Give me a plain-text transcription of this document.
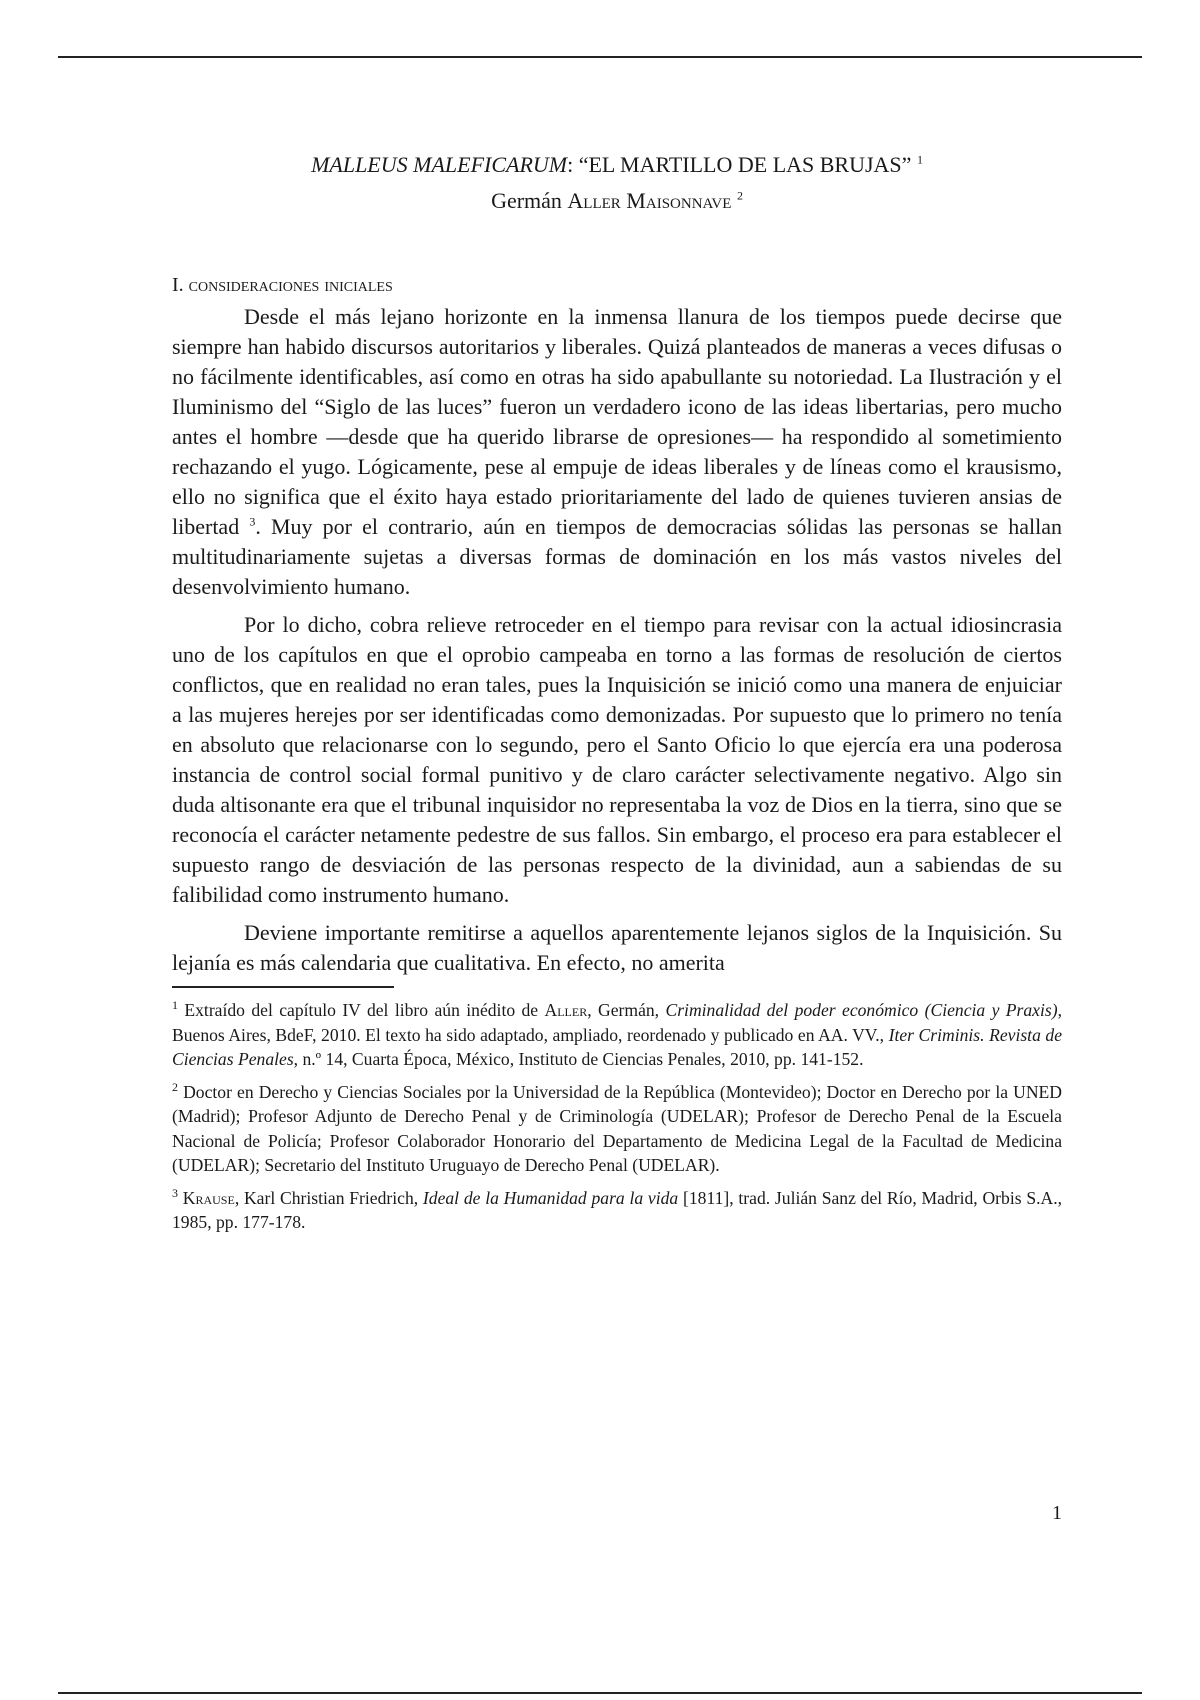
MALLEUS MALEFICARUM: “EL MARTILLO DE LAS BRUJAS” $^1$

Germán Aller Maisonnave $^2$

I. consideraciones iniciales

Desde el más lejano horizonte en la inmensa llanura de los tiempos puede decirse que siempre han habido discursos autoritarios y liberales. Quizá planteados de maneras a veces difusas o no fácilmente identificables, así como en otras ha sido apabullante su notoriedad. La Ilustración y el Iluminismo del “Siglo de las luces” fueron un verdadero icono de las ideas libertarias, pero mucho antes el hombre —desde que ha querido librarse de opresiones— ha respondido al sometimiento rechazando el yugo. Lógicamente, pese al empuje de ideas liberales y de líneas como el krausismo, ello no significa que el éxito haya estado prioritariamente del lado de quienes tuvieren ansias de libertad $^3$. Muy por el contrario, aún en tiempos de democracias sólidas las personas se hallan multitudinariamente sujetas a diversas formas de dominación en los más vastos niveles del desenvolvimiento humano.

Por lo dicho, cobra relieve retroceder en el tiempo para revisar con la actual idiosincrasia uno de los capítulos en que el oprobio campeaba en torno a las formas de resolución de ciertos conflictos, que en realidad no eran tales, pues la Inquisición se inició como una manera de enjuiciar a las mujeres herejes por ser identificadas como demonizadas. Por supuesto que lo primero no tenía en absoluto que relacionarse con lo segundo, pero el Santo Oficio lo que ejercía era una poderosa instancia de control social formal punitivo y de claro carácter selectivamente negativo. Algo sin duda altisonante era que el tribunal inquisidor no representaba la voz de Dios en la tierra, sino que se reconocía el carácter netamente pedestre de sus fallos. Sin embargo, el proceso era para establecer el supuesto rango de desviación de las personas respecto de la divinidad, aun a sabiendas de su falibilidad como instrumento humano.

Deviene importante remitirse a aquellos aparentemente lejanos siglos de la Inquisición. Su lejanía es más calendaria que cualitativa. En efecto, no amerita

$^1$ Extraído del capítulo IV del libro aún inédito de Aller, Germán, Criminalidad del poder económico (Ciencia y Praxis), Buenos Aires, BdeF, 2010. El texto ha sido adaptado, ampliado, reordenado y publicado en AA. VV., Iter Criminis. Revista de Ciencias Penales, n.º 14, Cuarta Época, México, Instituto de Ciencias Penales, 2010, pp. 141-152.

$^2$ Doctor en Derecho y Ciencias Sociales por la Universidad de la República (Montevideo); Doctor en Derecho por la UNED (Madrid); Profesor Adjunto de Derecho Penal y de Criminología (UDELAR); Profesor de Derecho Penal de la Escuela Nacional de Policía; Profesor Colaborador Honorario del Departamento de Medicina Legal de la Facultad de Medicina (UDELAR); Secretario del Instituto Uruguayo de Derecho Penal (UDELAR).

$^3$ Krause, Karl Christian Friedrich, Ideal de la Humanidad para la vida [1811], trad. Julián Sanz del Río, Madrid, Orbis S.A., 1985, pp. 177-178.

1
